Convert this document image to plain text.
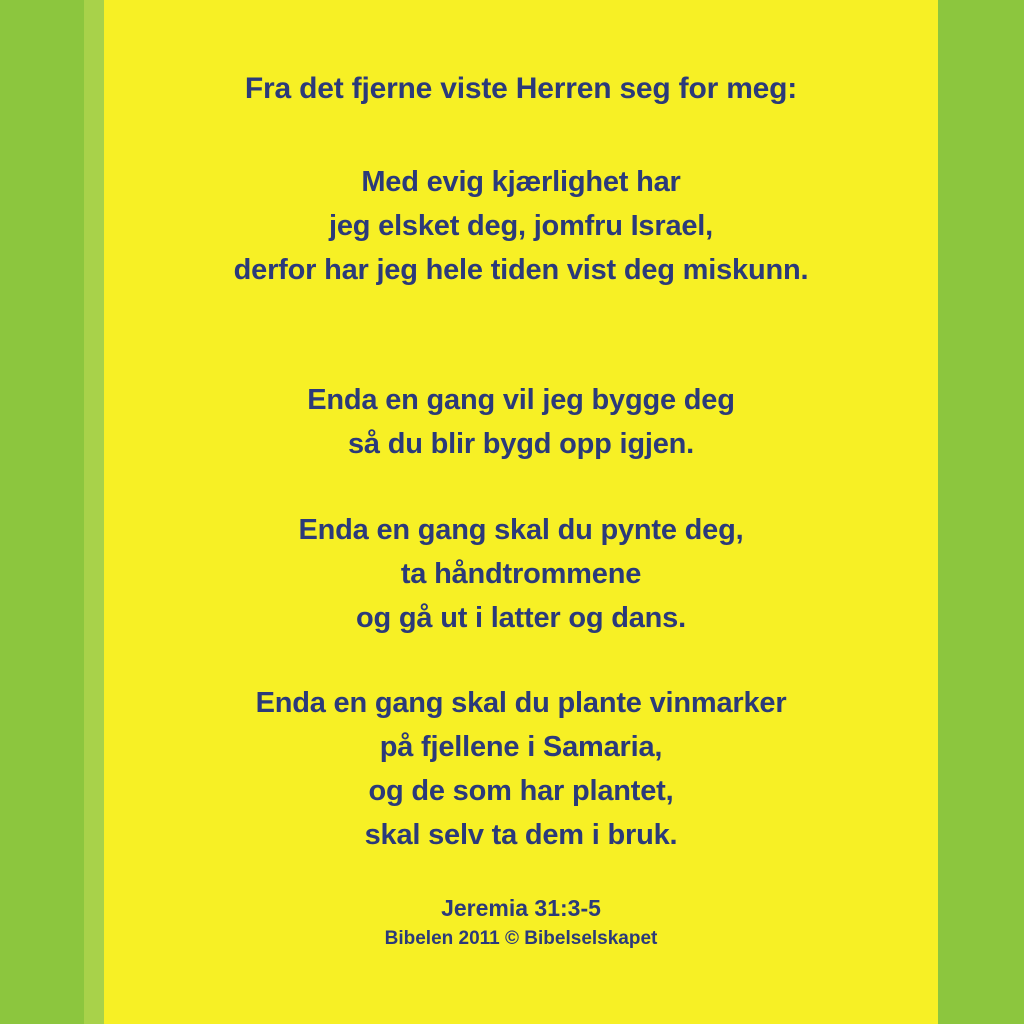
Fra det fjerne viste Herren seg for meg:
Med evig kjærlighet har
jeg elsket deg, jomfru Israel,
derfor har jeg hele tiden vist deg miskunn.
Enda en gang vil jeg bygge deg
så du blir bygd opp igjen.
Enda en gang skal du pynte deg,
ta håndtrommene
og gå ut i latter og dans.
Enda en gang skal du plante vinmarker
på fjellene i Samaria,
og de som har plantet,
skal selv ta dem i bruk.
Jeremia 31:3-5
Bibelen 2011 © Bibelselskapet
